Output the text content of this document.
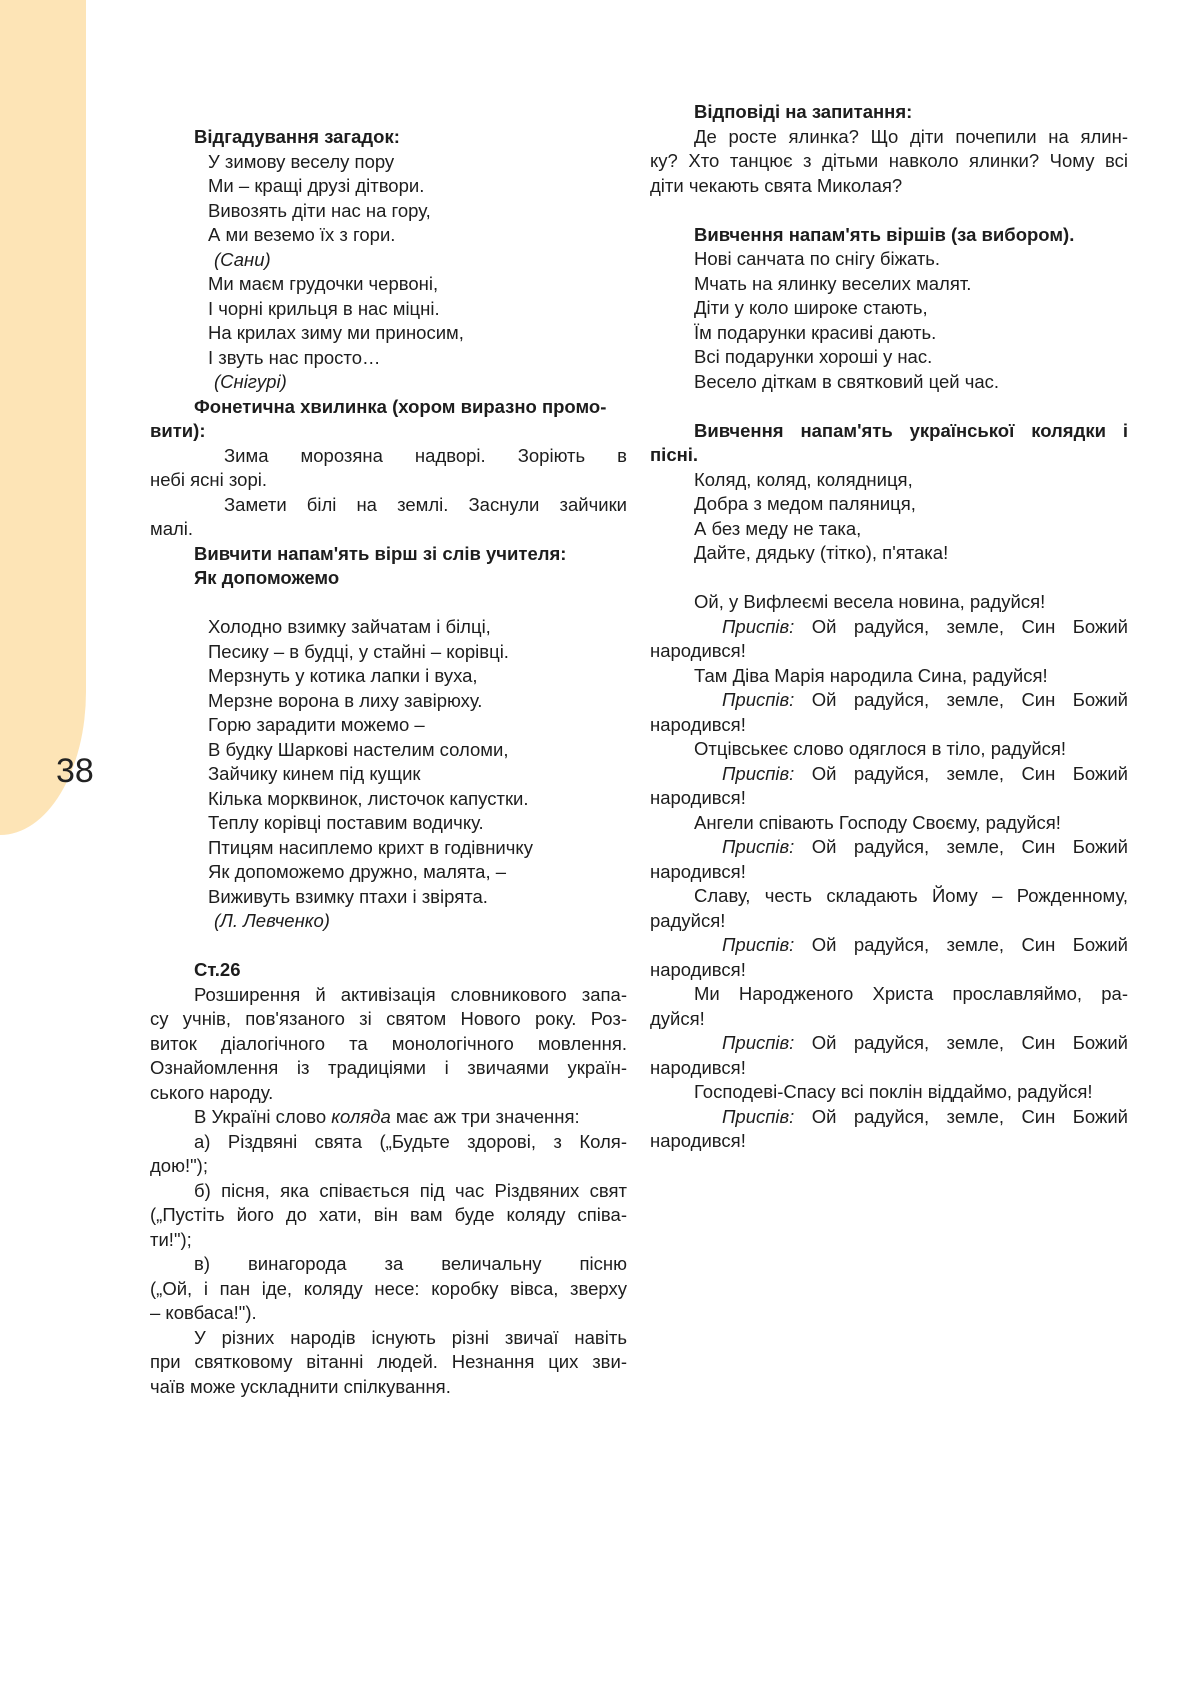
38
Відгадування загадок:
У зимову веселу пору
Ми – кращі друзі дітвори.
Вивозять діти нас на гору,
А ми веземо їх з гори.
(Сани)
Ми маєм грудочки червоні,
І чорні крильця в нас міцні.
На крилах зиму ми приносим,
І звуть нас просто…
(Снігурі)
Фонетична хвилинка (хором виразно промо-
вити):
Зима морозяна надворі. Зоріють в
небі ясні зорі.
Замети білі на землі. Заснули зайчики
малі.
Вивчити напам'ять вірш зі слів учителя:
Як допоможемо
Холодно взимку зайчатам і білці,
Песику – в будці, у стайні – корівці.
Мерзнуть у котика лапки і вуха,
Мерзне ворона в лиху завірюху.
Горю зарадити можемо –
В будку Шаркові настелим соломи,
Зайчику кинем під кущик
Кілька морквинок, листочок капустки.
Теплу корівці поставим водичку.
Птицям насиплемо крихт в годівничку
Як допоможемо дружно, малята, –
Виживуть взимку птахи і звірята.
(Л. Левченко)
Ст.26
Розширення й активізація словникового запа-
су учнів, пов'язаного зі святом Нового року. Роз-
виток діалогічного та монологічного мовлення.
Ознайомлення із традиціями і звичаями україн-
ського народу.
В Україні слово коляда має аж три значення:
а) Різдвяні свята („Будьте здорові, з Коля-
дою!");
б) пісня, яка співається під час Різдвяних свят
(„Пустіть його до хати, він вам буде коляду співа-
ти!");
в) винагорода за величальну пісню
(„Ой, і пан іде, коляду несе: коробку вівса, зверху
– ковбаса!").
У різних народів існують різні звичаї навіть
при святковому вітанні людей. Незнання цих зви-
чаїв може ускладнити спілкування.
Відповіді на запитання:
Де росте ялинка? Що діти почепили на ялин-
ку? Хто танцює з дітьми навколо ялинки? Чому всі
діти чекають свята Миколая?
Вивчення напам'ять віршів (за вибором).
Нові санчата по снігу біжать.
Мчать на ялинку веселих малят.
Діти у коло широке стають,
Їм подарунки красиві дають.
Всі подарунки хороші у нас.
Весело діткам в святковий цей час.
Вивчення напам'ять української колядки і
пісні.
Коляд, коляд, колядниця,
Добра з медом паляниця,
А без меду не така,
Дайте, дядьку (тітко), п'ятака!
Ой, у Вифлеємі весела новина, радуйся!
Приспів: Ой радуйся, земле, Син Божий
народився!
Там Діва Марія народила Сина, радуйся!
Приспів: Ой радуйся, земле, Син Божий
народився!
Отцівськеє слово одяглося в тіло, радуйся!
Приспів: Ой радуйся, земле, Син Божий
народився!
Ангели співають Господу Своєму, радуйся!
Приспів: Ой радуйся, земле, Син Божий
народився!
Славу, честь складають Йому – Рожденному,
радуйся!
Приспів: Ой радуйся, земле, Син Божий
народився!
Ми Народженого Христа прославляймо, ра-
дуйся!
Приспів: Ой радуйся, земле, Син Божий
народився!
Господеві-Спасу всі поклін віддаймо, радуйся!
Приспів: Ой радуйся, земле, Син Божий
народився!
